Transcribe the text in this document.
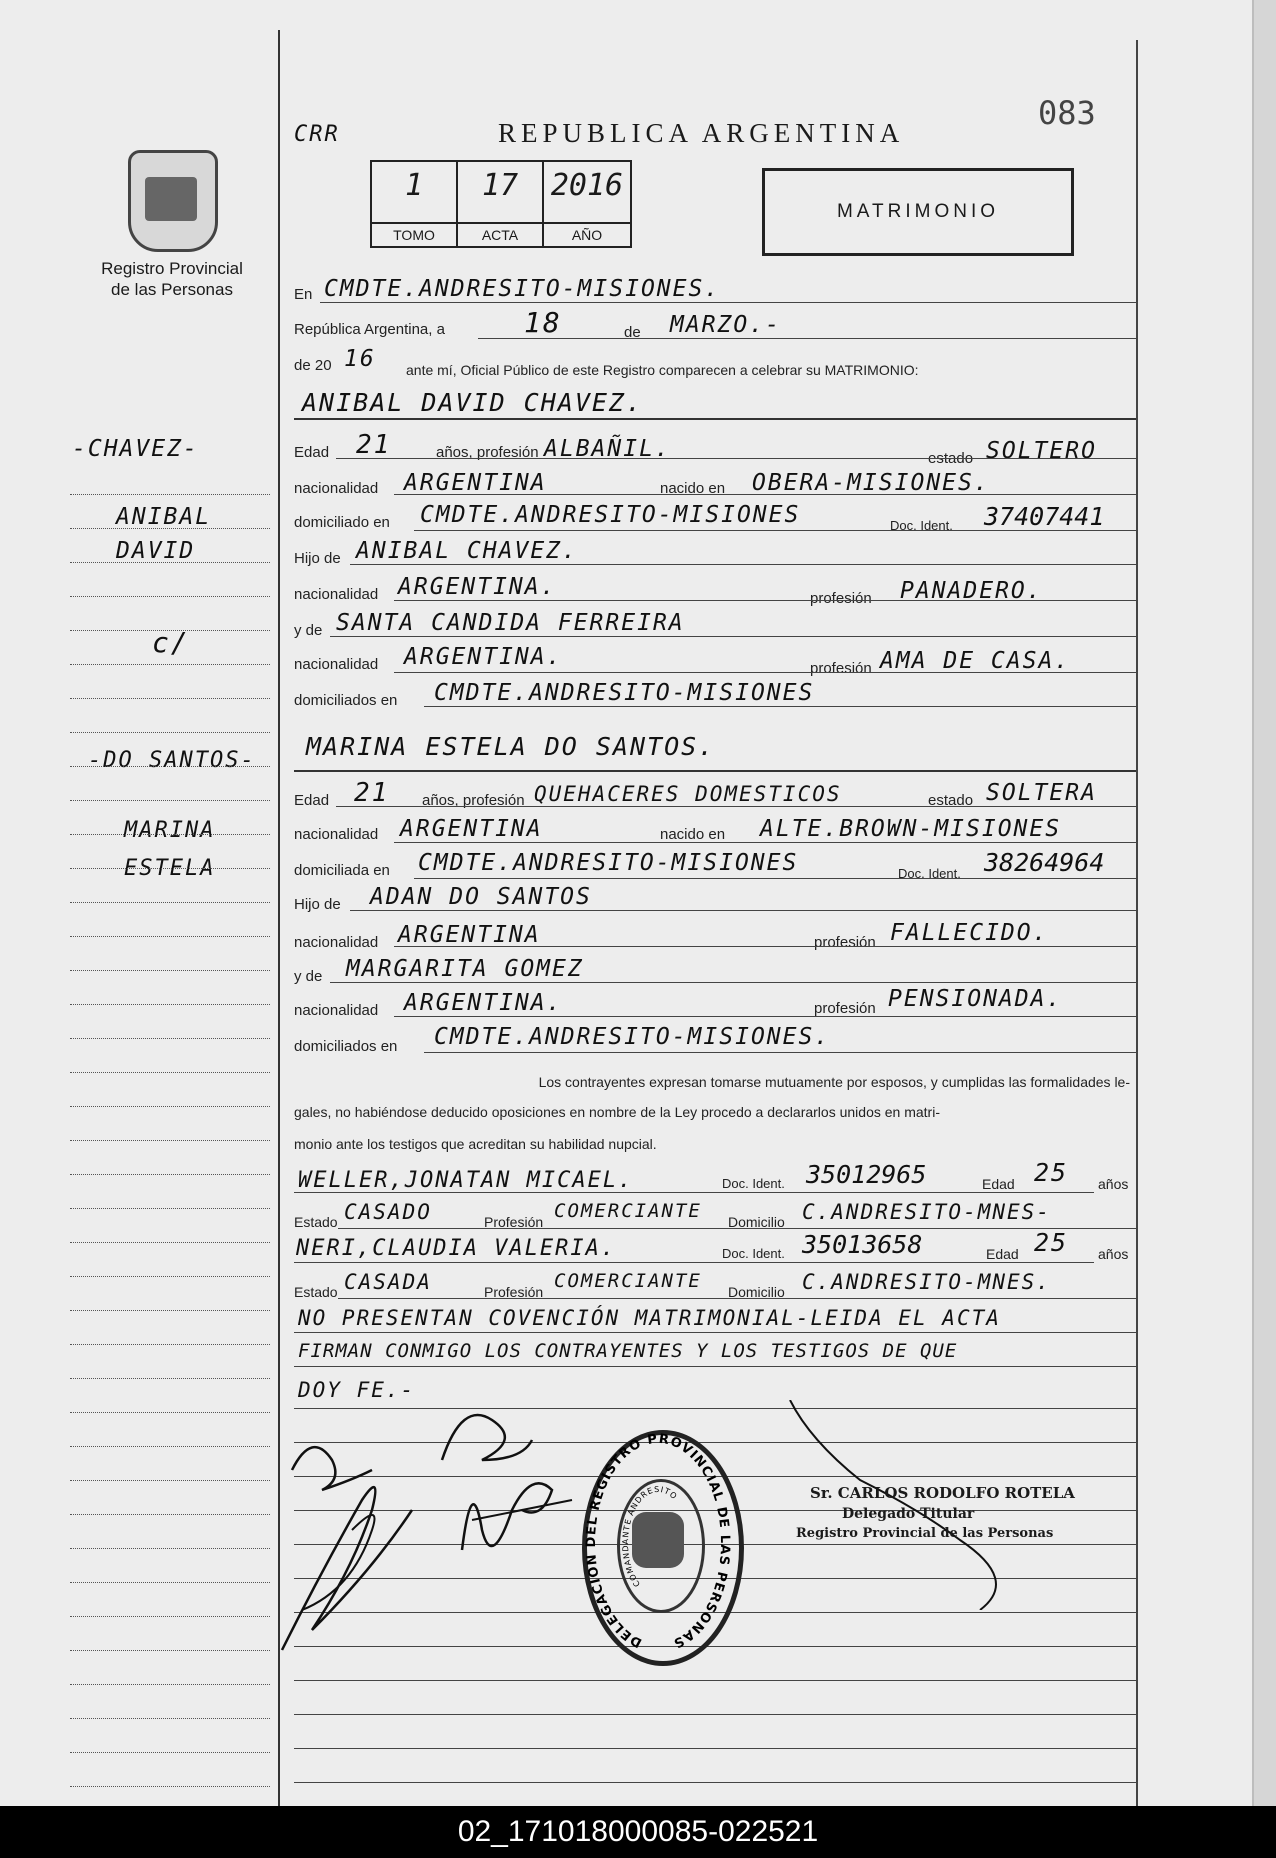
CRR	REPUBLICA ARGENTINA
083
Registro Provincial
de las Personas
1
TOMO
17
ACTA
2016
AÑO
MATRIMONIO
En CMDTE.ANDRESITO-MISIONES.
República Argentina, a	18	de MARZO.-
de 20 16 ante mí, Oficial Público de este Registro comparecen a celebrar su MATRIMONIO:
ANIBAL DAVID CHAVEZ.
Edad 21	años, profesión ALBAÑIL.	estado SOLTERO
nacionalidad ARGENTINA	nacido en OBERA-MISIONES.
domiciliado en CMDTE.ANDRESITO-MISIONES	Doc. Ident. 37407441
Hijo de ANIBAL CHAVEZ.
nacionalidad ARGENTINA.	profesión PANADERO.
y de SANTA CANDIDA FERREIRA
nacionalidad ARGENTINA.	profesión AMA DE CASA.
domiciliados en CMDTE.ANDRESITO-MISIONES
MARINA ESTELA DO SANTOS.
Edad 21 años, profesión QUEHACERES DOMESTICOS	estado SOLTERA
nacionalidad ARGENTINA	nacido en ALTE.BROWN-MISIONES
domiciliada en CMDTE.ANDRESITO-MISIONES	Doc. Ident. 38264964
Hijo de ADAN DO SANTOS
nacionalidad ARGENTINA	profesión FALLECIDO.
y de MARGARITA GOMEZ
nacionalidad ARGENTINA.	profesión PENSIONADA.
domiciliados en CMDTE.ANDRESITO-MISIONES.
Los contrayentes expresan tomarse mutuamente por esposos, y cumplidas las formalidades le-
gales, no habiéndose deducido oposiciones en nombre de la Ley procedo a declararlos unidos en matri-
monio ante los testigos que acreditan su habilidad nupcial.
WELLER,JONATAN MICAEL.	Doc. Ident. 35012965	Edad 25 años
Estado CASADO	Profesión COMERCIANTE Domicilio C.ANDRESITO-MNES-
NERI,CLAUDIA VALERIA.	Doc. Ident. 35013658	Edad 25 años
Estado CASADA	Profesión COMERCIANTE Domicilio C.ANDRESITO-MNES.
NO PRESENTAN COVENCIÓN MATRIMONIAL-LEIDA EL ACTA
FIRMAN CONMIGO LOS CONTRAYENTES Y LOS TESTIGOS DE QUE
DOY FE.-
-CHAVEZ-
ANIBAL
DAVID
c/
-DO SANTOS-
MARINA
ESTELA
DELEGACION DEL REGISTRO PROVINCIAL DE LAS PERSONAS
COMANDANTE ANDRESITO	Sr. CARLOS RODOLFO ROTELA
Delegado Titular
Registro Provincial de las Personas
02_171018000085-022521
